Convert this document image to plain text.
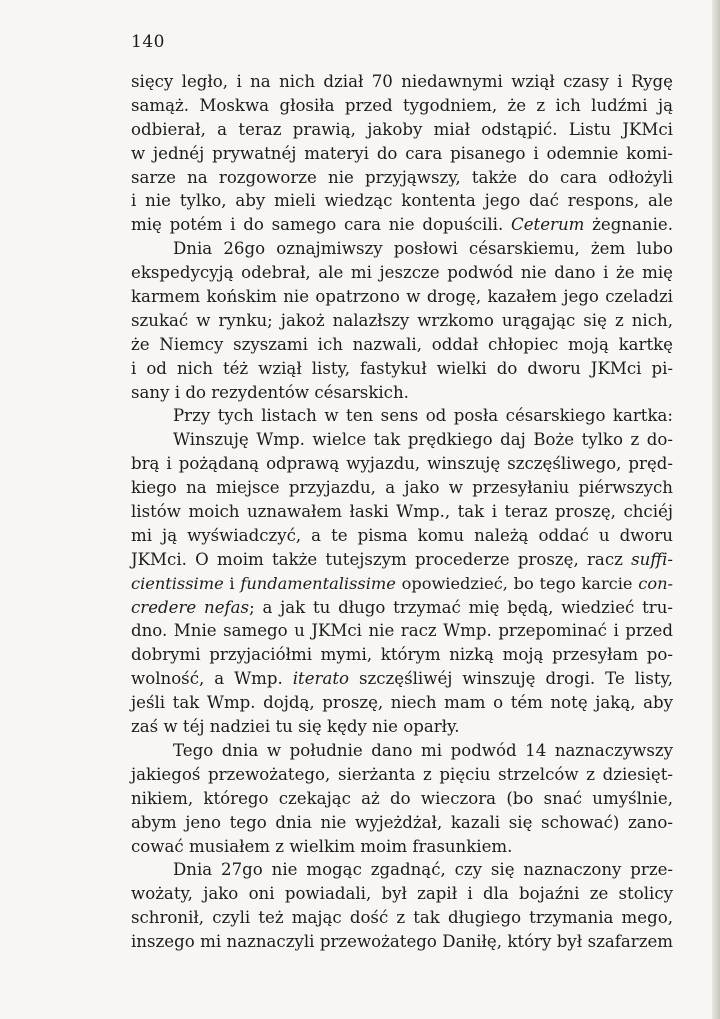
140
sięcy legło, i na nich dział 70 niedawnymi wziął czasy i Rygę
samąż. Moskwa głosiła przed tygodniem, że z ich ludźmi ją
odbierał, a teraz prawią, jakoby miał odstąpić. Listu JKMci
w jednéj prywatnéj materyi do cara pisanego i odemnie komi-
sarze na rozgoworze nie przyjąwszy, także do cara odłożyli
i nie tylko, aby mieli wiedząc kontenta jego dać respons, ale
mię potém i do samego cara nie dopuścili. Ceterum żegnanie.
Dnia 26go oznajmiwszy posłowi césarskiemu, żem lubo
ekspedycyją odebrał, ale mi jeszcze podwód nie dano i że mię
karmem końskim nie opatrzono w drogę, kazałem jego czeladzi
szukać w rynku; jakoż nalazłszy wrzkomo urągając się z nich,
że Niemcy szyszami ich nazwali, oddał chłopiec moją kartkę
i od nich téż wziął listy, fastykuł wielki do dworu JKMci pi-
sany i do rezydentów césarskich.
Przy tych listach w ten sens od posła césarskiego kartka:
Winszuję Wmp. wielce tak prędkiego daj Boże tylko z do-
brą i pożądaną odprawą wyjazdu, winszuję szczęśliwego, pręd-
kiego na miejsce przyjazdu, a jako w przesyłaniu piérwszych
listów moich uznawałem łaski Wmp., tak i teraz proszę, chciéj
mi ją wyświadczyć, a te pisma komu należą oddać u dworu
JKMci. O moim także tutejszym procederze proszę, racz suffi-
cientissime i fundamentalissime opowiedzieć, bo tego karcie con-
credere nefas; a jak tu długo trzymać mię będą, wiedzieć tru-
dno. Mnie samego u JKMci nie racz Wmp. przepominać i przed
dobrymi przyjaciółmi mymi, którym nizką moją przesyłam po-
wolność, a Wmp. iterato szczęśliwéj winszuję drogi. Te listy,
jeśli tak Wmp. dojdą, proszę, niech mam o tém notę jaką, aby
zaś w téj nadziei tu się kędy nie oparły.
Tego dnia w południe dano mi podwód 14 naznaczywszy
jakiegoś przewożatego, sierżanta z pięciu strzelców z dziesięt-
nikiem, którego czekając aż do wieczora (bo snać umyślnie,
abym jeno tego dnia nie wyjeżdżał, kazali się schować) zano-
cować musiałem z wielkim moim frasunkiem.
Dnia 27go nie mogąc zgadnąć, czy się naznaczony prze-
wożaty, jako oni powiadali, był zapił i dla bojaźni ze stolicy
schronił, czyli też mając dość z tak długiego trzymania mego,
inszego mi naznaczyli przewożatego Daniłę, który był szafarzem
